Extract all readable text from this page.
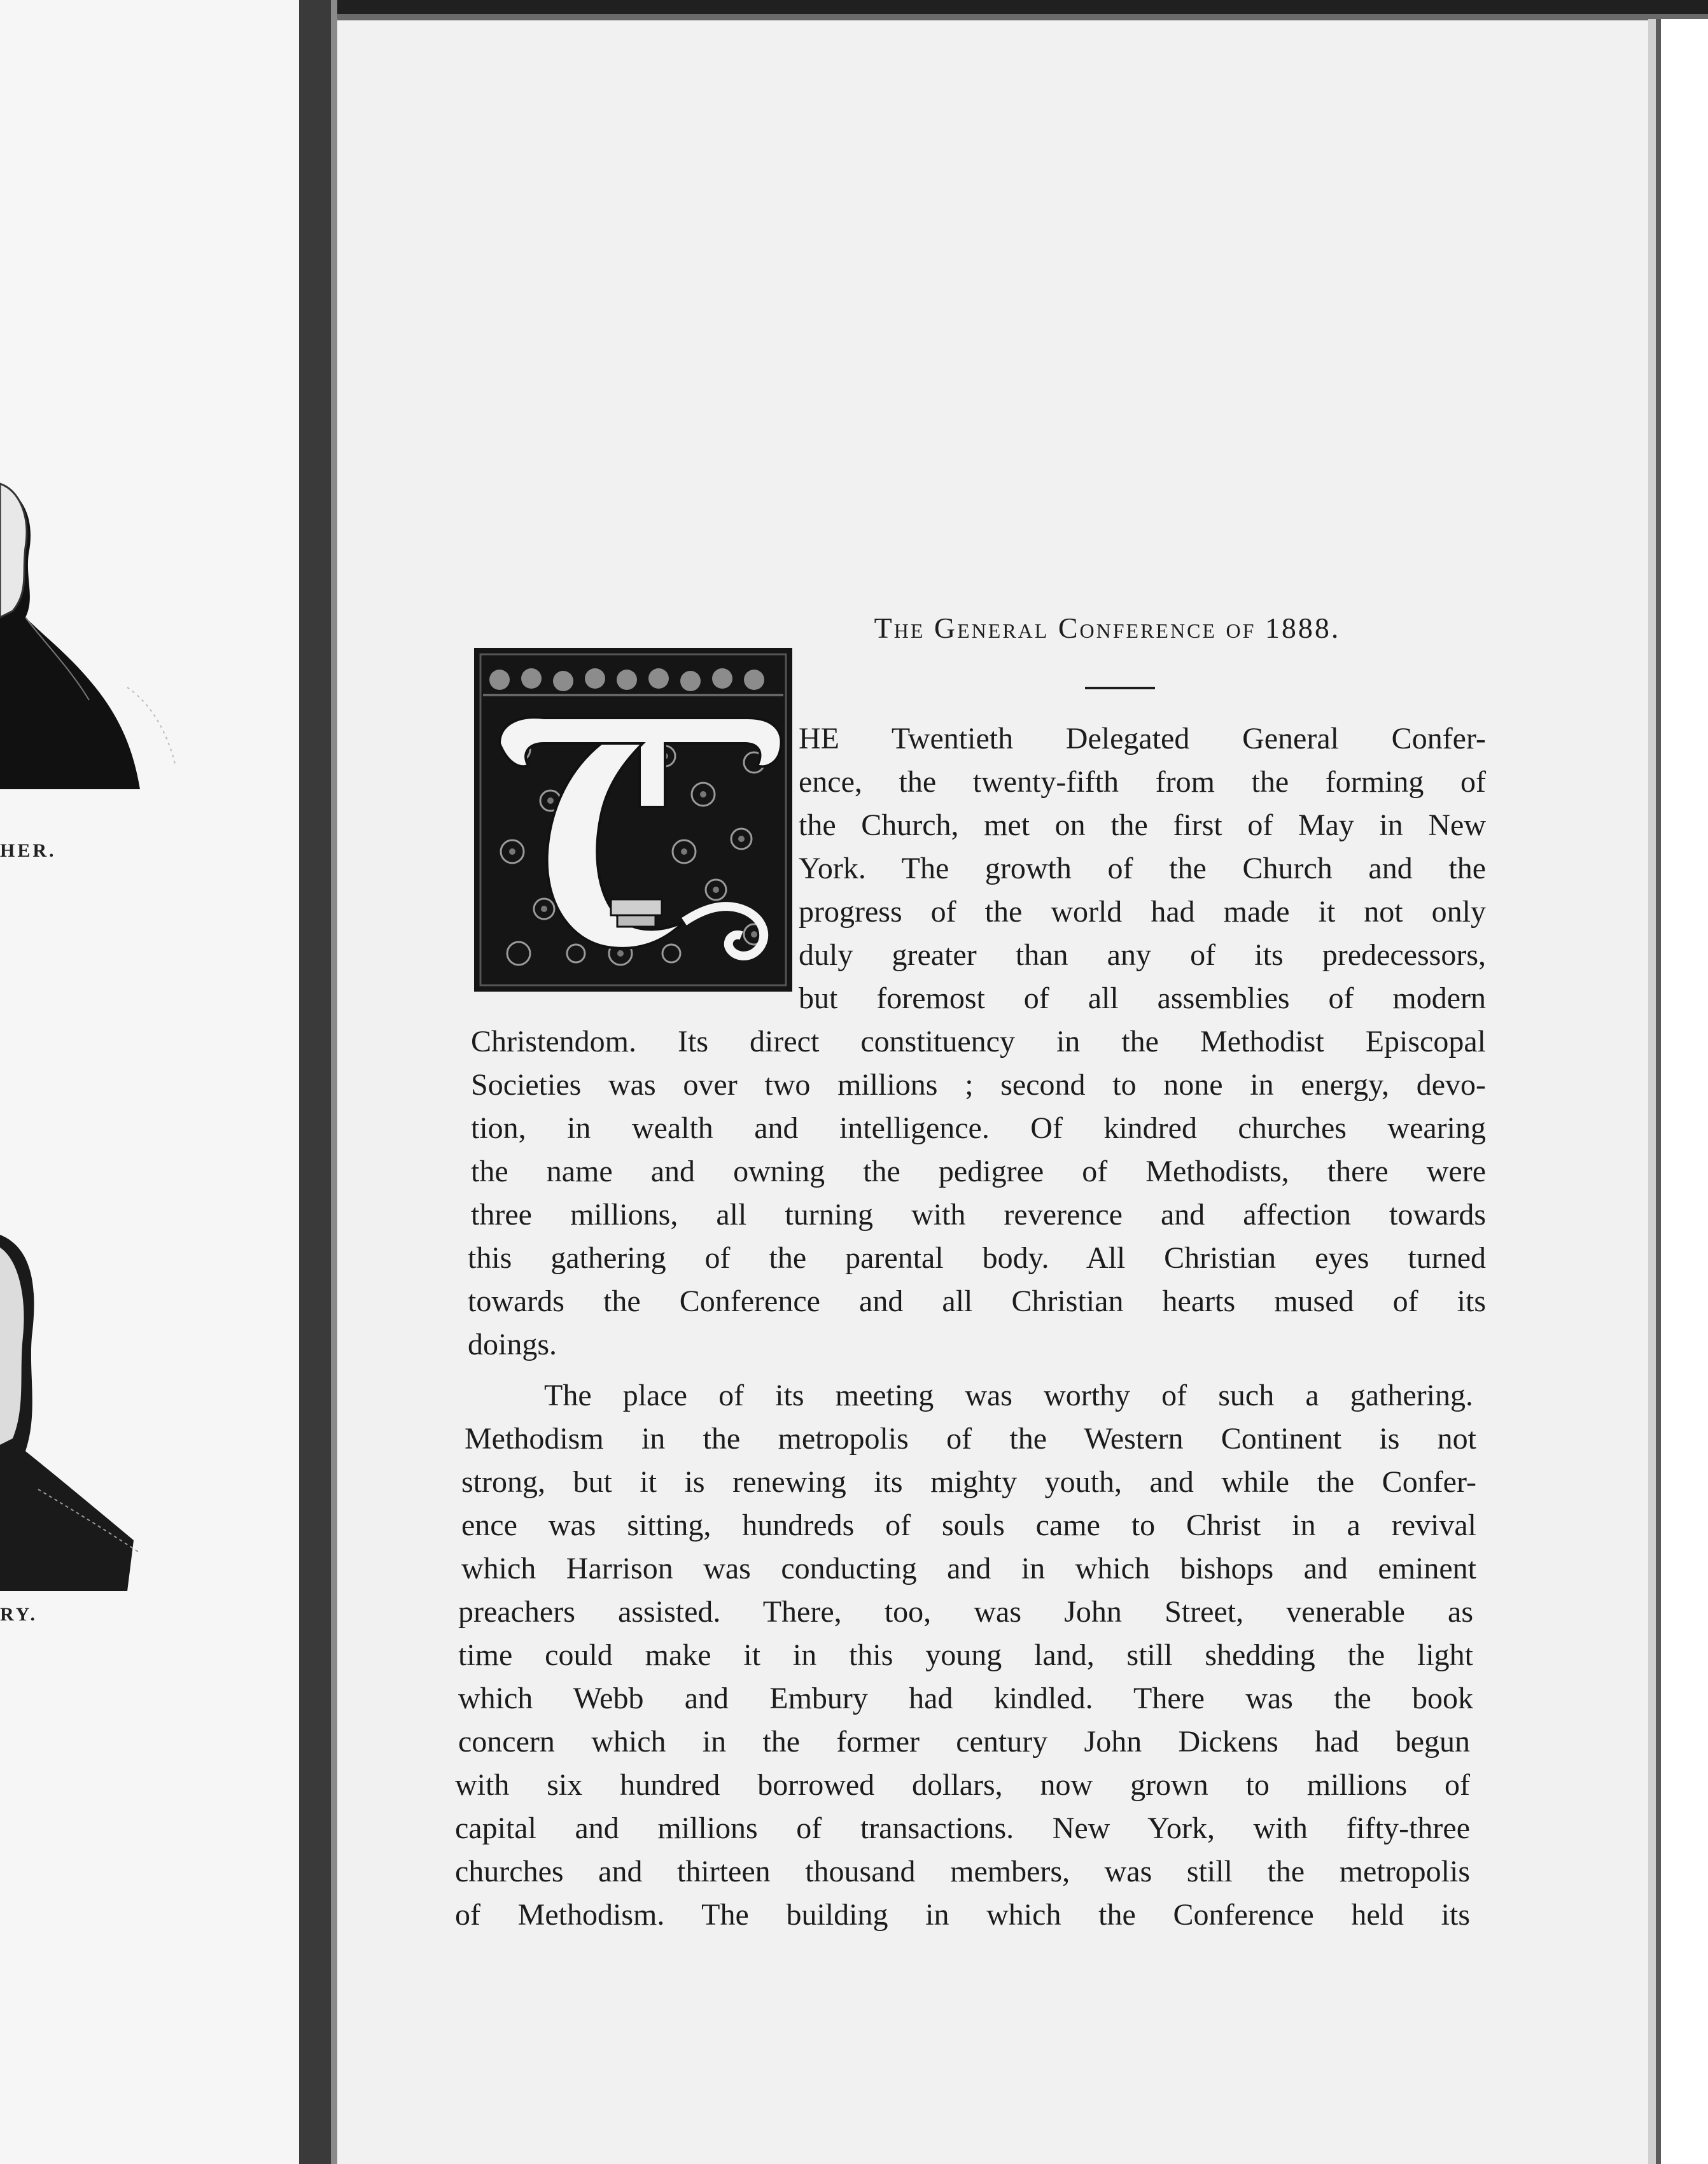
HER.
RY.
The General Conference of 1888.
HE Twentieth Delegated General Confer-
ence, the twenty-fifth from the forming of
the Church, met on the first of May in New
York. The growth of the Church and the
progress of the world had made it not only
duly greater than any of its predecessors,
but foremost of all assemblies of modern
Christendom. Its direct constituency in the Methodist Episcopal
Societies was over two millions ; second to none in energy, devo-
tion, in wealth and intelligence. Of kindred churches wearing
the name and owning the pedigree of Methodists, there were
three millions, all turning with reverence and affection towards
this gathering of the parental body. All Christian eyes turned
towards the Conference and all Christian hearts mused of its
doings.
The place of its meeting was worthy of such a gathering.
Methodism in the metropolis of the Western Continent is not
strong, but it is renewing its mighty youth, and while the Confer-
ence was sitting, hundreds of souls came to Christ in a revival
which Harrison was conducting and in which bishops and eminent
preachers assisted. There, too, was John Street, venerable as
time could make it in this young land, still shedding the light
which Webb and Embury had kindled. There was the book
concern which in the former century John Dickens had begun
with six hundred borrowed dollars, now grown to millions of
capital and millions of transactions. New York, with fifty-three
churches and thirteen thousand members, was still the metropolis
of Methodism. The building in which the Conference held its
